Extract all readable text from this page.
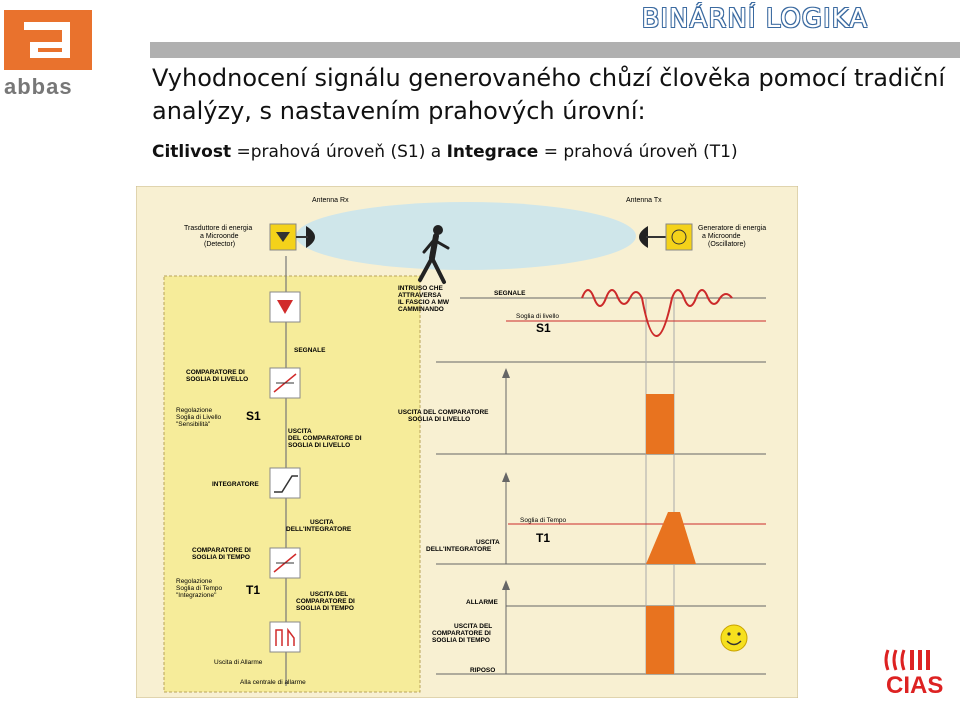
abbas
BINÁRNÍ LOGIKA
Vyhodnocení signálu generovaného chůzí člověka pomocí tradiční analýzy, s nastavením prahových úrovní:
Citlivost =prahová úroveň (S1) a Integrace = prahová úroveň (T1)
Antenna Rx
Trasduttore di energia
a Microonde
(Detector)
Antenna Tx
Generatore di energia
a Microonde
(Oscillatore)
INTRUSO CHE
ATTRAVERSA
IL FASCIO A MW
CAMMINANDO
SEGNALE
COMPARATORE DI
SOGLIA DI LIVELLO
Regolazione
Soglia di Livello
"Sensibilità"
S1
USCITA
DEL COMPARATORE DI
SOGLIA DI LIVELLO
INTEGRATORE
USCITA
DELL'INTEGRATORE
COMPARATORE DI
SOGLIA DI TEMPO
Regolazione
Soglia di Tempo
"Integrazione" T1	USCITA DEL
COMPARATORE DI
SOGLIA DI TEMPO
Uscita di Allarme
Alla centrale di allarme
SEGNALE
Soglia di livello
S1
USCITA DEL COMPARATORE
SOGLIA DI LIVELLO
Soglia di Tempo
T1
USCITA
DELL'INTEGRATORE
ALLARME
USCITA DEL
COMPARATORE DI
SOGLIA DI TEMPO
RIPOSO
CIAS
